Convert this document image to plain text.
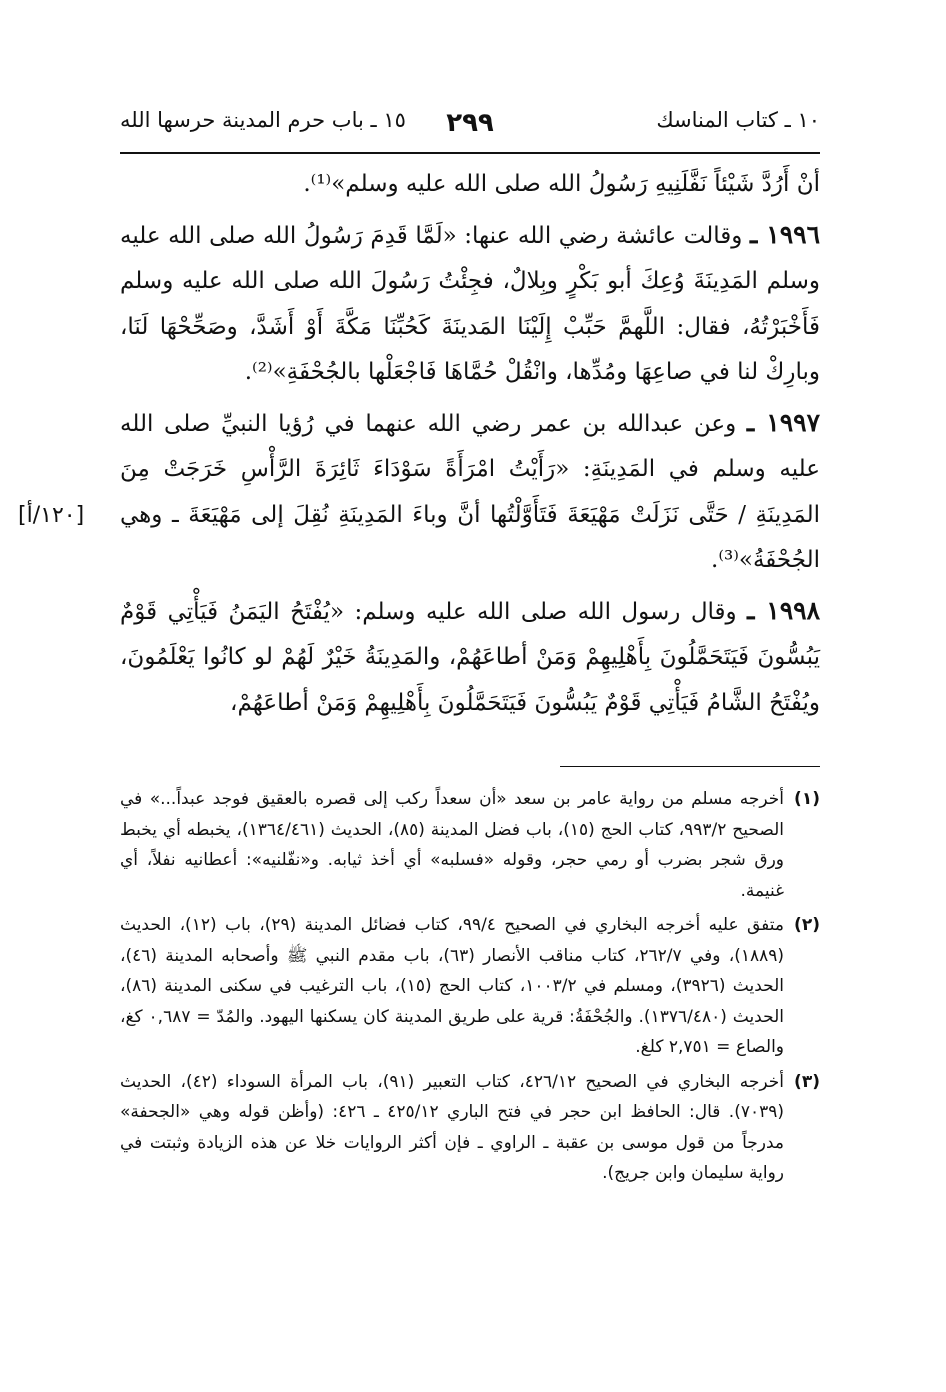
١٠ ـ كتاب المناسك
٢٩٩
١٥ ـ باب حرم المدينة حرسها الله

أنْ أَرُدَّ شَيْئاً نَفَّلَنِيهِ رَسُولُ الله صلى الله عليه وسلم»⁽¹⁾.

١٩٩٦ ـ وقالت عائشة رضي الله عنها: «لَمَّا قَدِمَ رَسُولُ الله صلى الله عليه وسلم المَدِينَةَ وُعِكَ أبو بَكْرٍ وبِلالٌ، فجِئْتُ رَسُولَ الله صلى الله عليه وسلم فَأَخْبَرْتُهُ، فقال: اللَّهمَّ حَبِّبْ إِلَيْنَا المَدينَةَ كَحُبِّنَا مَكَّةَ أَوْ أَشَدَّ، وصَحِّحْهَا لَنَا، وبارِكْ لنا في صاعِهَا ومُدِّها، وانْقُلْ حُمَّاهَا فَاجْعَلْها بالجُحْفَةِ»⁽²⁾.

١٩٩٧ ـ وعن عبدالله بن عمر رضي الله عنهما في رُؤيا النبيِّ صلى الله عليه وسلم في المَدِينَةِ: «رَأَيْتُ امْرَأَةً سَوْدَاءَ ثَائِرَةَ الرَّأْسِ خَرَجَتْ مِنَ المَدِينَةِ / حَتَّى نَزَلَتْ مَهْيَعَةَ فَتَأَوَّلْتُها أنَّ وباءَ المَدِينَةِ نُقِلَ إلى مَهْيَعَةَ ـ وهي الجُحْفَةُ»⁽³⁾.

١٩٩٨ ـ وقال رسول الله صلى الله عليه وسلم: «يُفْتَحُ اليَمَنُ فَيَأْتِي قَوْمٌ يَبُسُّونَ فَيَتَحَمَّلُونَ بِأَهْلِيهِمْ وَمَنْ أطاعَهُمْ، والمَدِينَةُ خَيْرٌ لَهُمْ لو كانُوا يَعْلَمُونَ، ويُفْتَحُ الشَّامُ فَيَأْتِي قَوْمٌ يَبُسُّونَ فَيَتَحَمَّلُونَ بِأَهْلِيهِمْ وَمَنْ أطاعَهُمْ،

[١٢٠/أ]
(١)
أخرجه مسلم من رواية عامر بن سعد «أن سعداً ركب إلى قصره بالعقيق فوجد عبداً...» في الصحيح ٩٩٣/٢، كتاب الحج (١٥)، باب فضل المدينة (٨٥)، الحديث (١٣٦٤/٤٦١)، يخبطه أي يخبط ورق شجر بضرب أو رمي حجر، وقوله «فسلبه» أي أخذ ثيابه. و«نفّلنيه»: أعطانيه نفلاً، أي غنيمة.
(٢)
متفق عليه أخرجه البخاري في الصحيح ٩٩/٤، كتاب فضائل المدينة (٢٩)، باب (١٢)، الحديث (١٨٨٩)، وفي ٢٦٢/٧، كتاب مناقب الأنصار (٦٣)، باب مقدم النبي ﷺ وأصحابه المدينة (٤٦)، الحديث (٣٩٢٦)، ومسلم في ١٠٠٣/٢، كتاب الحج (١٥)، باب الترغيب في سكنى المدينة (٨٦)، الحديث (١٣٧٦/٤٨٠). والجُحْفَةُ: قرية على طريق المدينة كان يسكنها اليهود. والمُدّ = ٠,٦٨٧ كغ، والصاع = ٢,٧٥١ كلغ.
(٣)
أخرجه البخاري في الصحيح ٤٢٦/١٢، كتاب التعبير (٩١)، باب المرأة السوداء (٤٢)، الحديث (٧٠٣٩). قال: الحافظ ابن حجر في فتح الباري ٤٢٥/١٢ ـ ٤٢٦: (وأظن قوله وهي «الجحفة» مدرجاً من قول موسى بن عقبة ـ الراوي ـ فإن أكثر الروايات خلا عن هذه الزيادة وثبتت في رواية سليمان وابن جريج).
